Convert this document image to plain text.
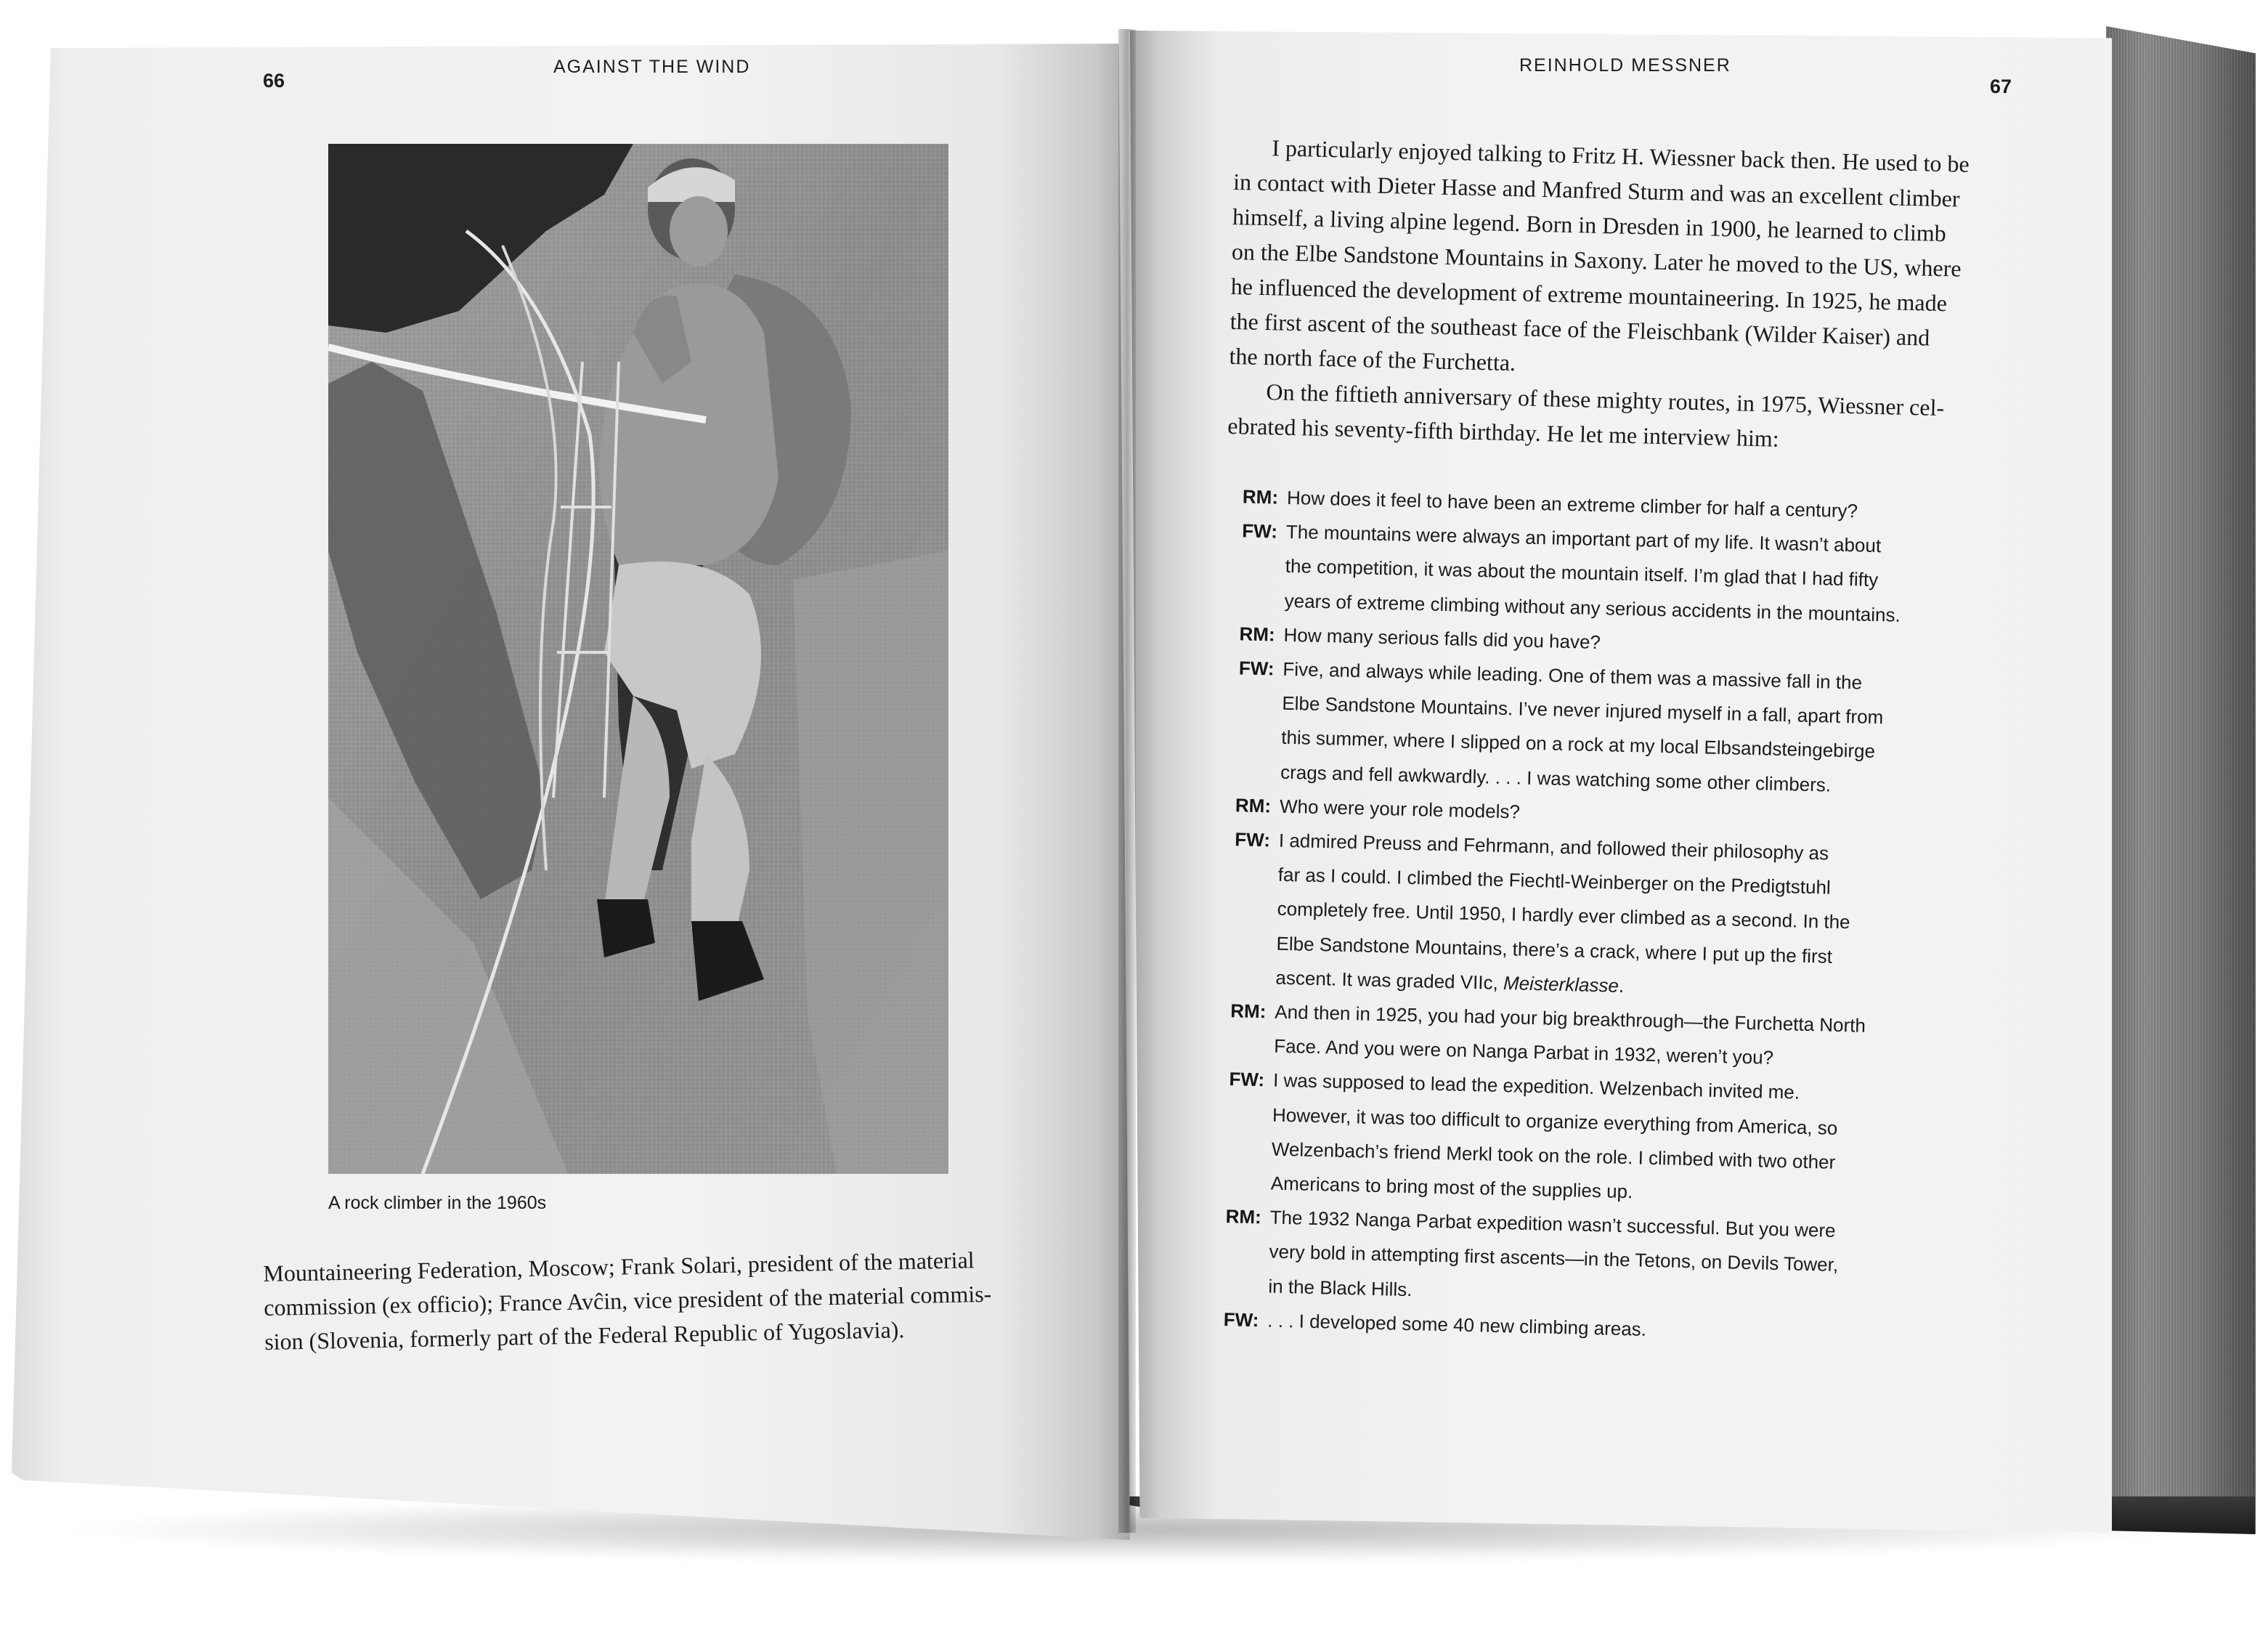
66
AGAINST THE WIND
A rock climber in the 1960s
Mountaineering Federation, Moscow; Frank Solari, president of the material
commission (ex officio); France Avĉin, vice president of the material commis-
sion (Slovenia, formerly part of the Federal Republic of Yugoslavia).
REINHOLD MESSNER
67
I particularly enjoyed talking to Fritz H. Wiessner back then. He used to be
in contact with Dieter Hasse and Manfred Sturm and was an excellent climber
himself, a living alpine legend. Born in Dresden in 1900, he learned to climb
on the Elbe Sandstone Mountains in Saxony. Later he moved to the US, where
he influenced the development of extreme mountaineering. In 1925, he made
the first ascent of the southeast face of the Fleischbank (Wilder Kaiser) and
the north face of the Furchetta.
On the fiftieth anniversary of these mighty routes, in 1975, Wiessner cel-
ebrated his seventy-fifth birthday. He let me interview him:
RM: How does it feel to have been an extreme climber for half a century?
FW: The mountains were always an important part of my life. It wasn’t about
the competition, it was about the mountain itself. I’m glad that I had fifty
years of extreme climbing without any serious accidents in the mountains.
RM: How many serious falls did you have?
FW: Five, and always while leading. One of them was a massive fall in the
Elbe Sandstone Mountains. I’ve never injured myself in a fall, apart from
this summer, where I slipped on a rock at my local Elbsandsteingebirge
crags and fell awkwardly. . . . I was watching some other climbers.
RM: Who were your role models?
FW: I admired Preuss and Fehrmann, and followed their philosophy as
far as I could. I climbed the Fiechtl-Weinberger on the Predigtstuhl
completely free. Until 1950, I hardly ever climbed as a second. In the
Elbe Sandstone Mountains, there’s a crack, where I put up the first
ascent. It was graded VIIc, Meisterklasse.
RM: And then in 1925, you had your big breakthrough—the Furchetta North
Face. And you were on Nanga Parbat in 1932, weren’t you?
FW: I was supposed to lead the expedition. Welzenbach invited me.
However, it was too difficult to organize everything from America, so
Welzenbach’s friend Merkl took on the role. I climbed with two other
Americans to bring most of the supplies up.
RM: The 1932 Nanga Parbat expedition wasn’t successful. But you were
very bold in attempting first ascents—in the Tetons, on Devils Tower,
in the Black Hills.
FW: . . . I developed some 40 new climbing areas.
